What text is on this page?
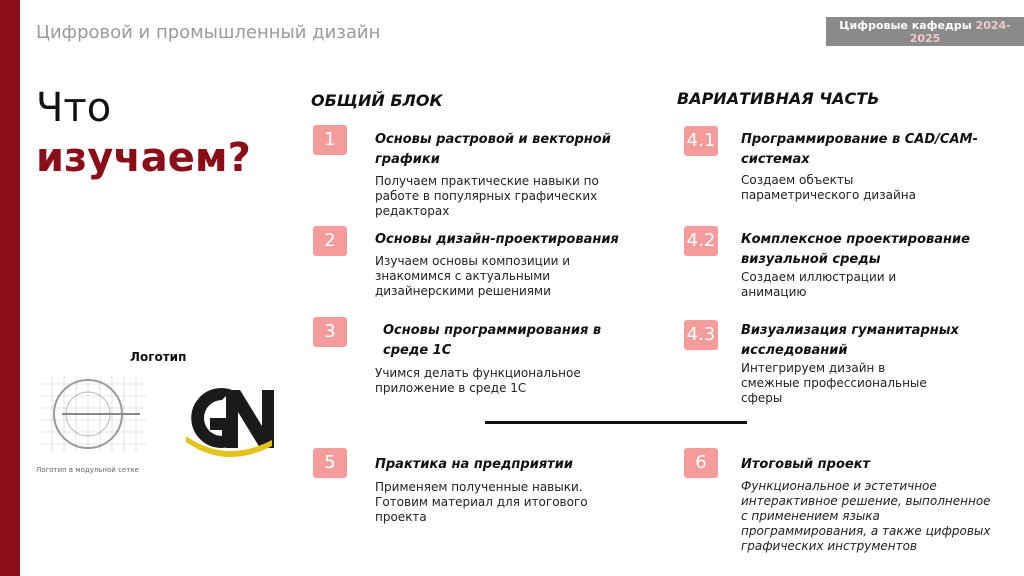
Цифровой и промышленный дизайн	Цифровые кафедры 2024-
2025
Что
изучаем?
ОБЩИЙ БЛОК
1	Основы растровой и векторной
графики
Получаем практические навыки по
работе в популярных графических
редакторах
2	Основы дизайн-проектирования
Изучаем основы композиции и
знакомимся с актуальными
дизайнерскими решениями
3	Основы программирования в
среде 1С
Учимся делать функциональное
приложение в среде 1С
5	Практика на предприятии
Применяем полученные навыки.
Готовим материал для итогового
проекта
ВАРИАТИВНАЯ ЧАСТЬ
4.1 Программирование в CAD/CAM-
системах
Создаем объекты
параметрического дизайна
4.2 Комплексное проектирование
визуальной среды
Создаем иллюстрации и
анимацию
4.3 Визуализация гуманитарных
исследований
Интегрируем дизайн в
смежные профессиональные
сферы
6	Итоговый проект
Функциональное и эстетичное
интерактивное решение, выполненное
с применением языка
программирования, а также цифровых
графических инструментов
Логотип
Логотип в модульной сетке
